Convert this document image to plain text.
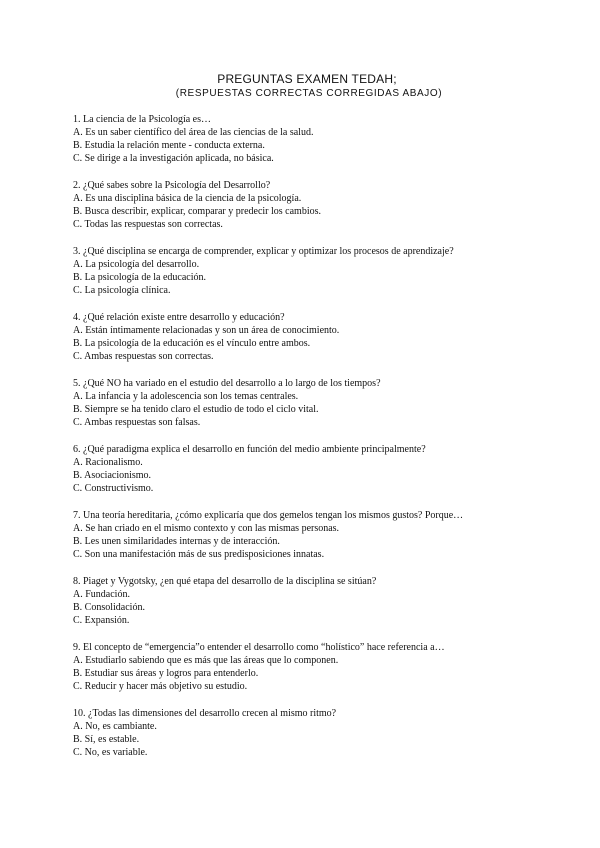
PREGUNTAS EXAMEN TEDAH;
(RESPUESTAS CORRECTAS CORREGIDAS ABAJO)
1. La ciencia de la Psicología es…
A. Es un saber científico del área de las ciencias de la salud.
B. Estudia la relación mente - conducta externa.
C. Se dirige a la investigación aplicada, no básica.
2. ¿Qué sabes sobre la Psicología del Desarrollo?
A. Es una disciplina básica de la ciencia de la psicología.
B. Busca describir, explicar, comparar y predecir los cambios.
C. Todas las respuestas son correctas.
3. ¿Qué disciplina se encarga de comprender, explicar y optimizar los procesos de aprendizaje?
A. La psicología del desarrollo.
B. La psicología de la educación.
C. La psicología clínica.
4. ¿Qué relación existe entre desarrollo y educación?
A. Están íntimamente relacionadas y son un área de conocimiento.
B. La psicología de la educación es el vínculo entre ambos.
C. Ambas respuestas son correctas.
5. ¿Qué NO ha variado en el estudio del desarrollo a lo largo de los tiempos?
A. La infancia y la adolescencia son los temas centrales.
B. Siempre se ha tenido claro el estudio de todo el ciclo vital.
C. Ambas respuestas son falsas.
6. ¿Qué paradigma explica el desarrollo en función del medio ambiente principalmente?
A. Racionalismo.
B. Asociacionismo.
C. Constructivismo.
7. Una teoría hereditaria, ¿cómo explicaría que dos gemelos tengan los mismos gustos? Porque…
A. Se han criado en el mismo contexto y con las mismas personas.
B. Les unen similaridades internas y de interacción.
C. Son una manifestación más de sus predisposiciones innatas.
8. Piaget y Vygotsky, ¿en qué etapa del desarrollo de la disciplina se sitúan?
A. Fundación.
B. Consolidación.
C. Expansión.
9. El concepto de “emergencia”o entender el desarrollo como “holístico” hace referencia a…
A. Estudiarlo sabiendo que es más que las áreas que lo componen.
B. Estudiar sus áreas y logros para entenderlo.
C. Reducir y hacer más objetivo su estudio.
10. ¿Todas las dimensiones del desarrollo crecen al mismo ritmo?
A. No, es cambiante.
B. Sí, es estable.
C. No, es variable.
